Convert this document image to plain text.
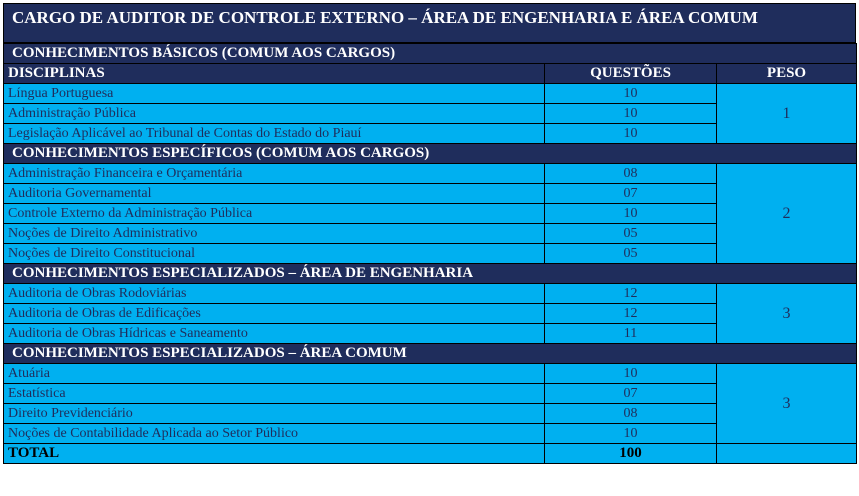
CARGO DE AUDITOR DE CONTROLE EXTERNO – ÁREA DE ENGENHARIA E ÁREA COMUM
CONHECIMENTOS BÁSICOS (COMUM AOS CARGOS)		
DISCIPLINAS	QUESTÕES	PESO
Língua Portuguesa	10	1
Administração Pública	10	
Legislação Aplicável ao Tribunal de Contas do Estado do Piauí	10	
CONHECIMENTOS ESPECÍFICOS (COMUM AOS CARGOS)		
Administração Financeira e Orçamentária	08	2
Auditoria Governamental	07	
Controle Externo da Administração Pública	10	
Noções de Direito Administrativo	05	
Noções de Direito Constitucional	05	
CONHECIMENTOS ESPECIALIZADOS – ÁREA DE ENGENHARIA		
Auditoria de Obras Rodoviárias	12	3
Auditoria de Obras de Edificações	12	
Auditoria de Obras Hídricas e Saneamento	11	
CONHECIMENTOS ESPECIALIZADOS – ÁREA COMUM		
Atuária	10	3
Estatística	07	
Direito Previdenciário	08	
Noções de Contabilidade Aplicada ao Setor Público	10	
TOTAL	100	
